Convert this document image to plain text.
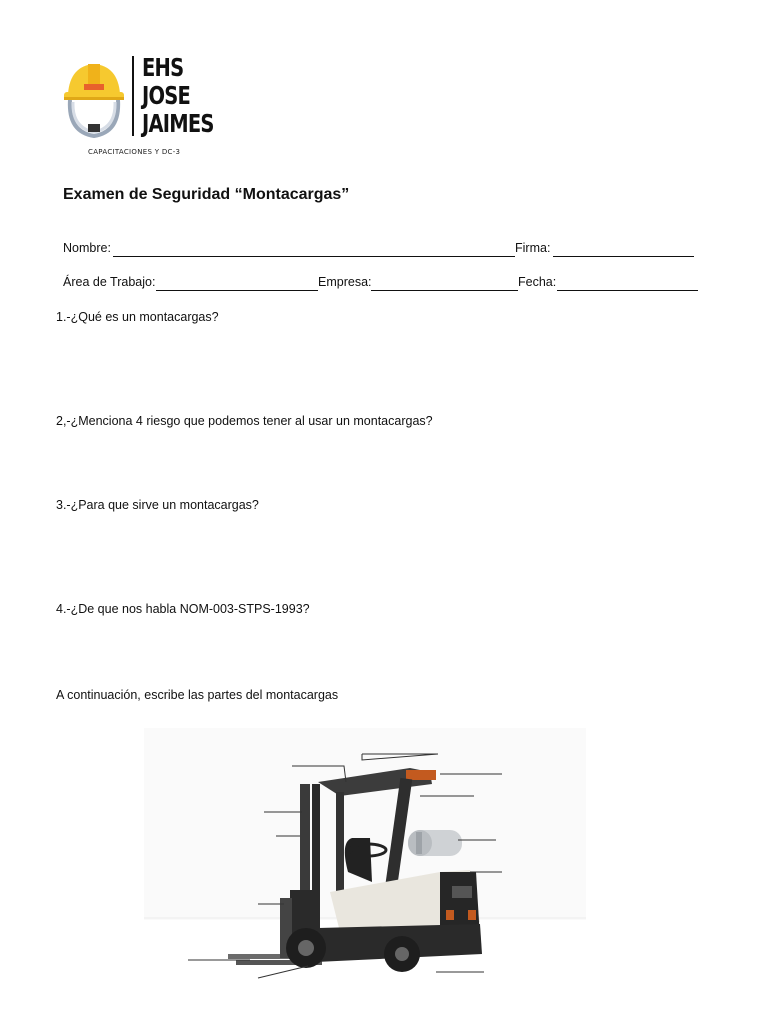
EHS
JOSE
JAIMES
CAPACITACIONES Y DC-3
Examen de Seguridad “Montacargas”
Nombre:	Firma:
Área de Trabajo:	Empresa:	Fecha:
1.-¿Qué es un montacargas?
2,-¿Menciona 4 riesgo que podemos tener al usar un montacargas?
3.-¿Para que sirve un montacargas?
4.-¿De que nos habla NOM-003-STPS-1993?
A continuación, escribe las partes del montacargas
